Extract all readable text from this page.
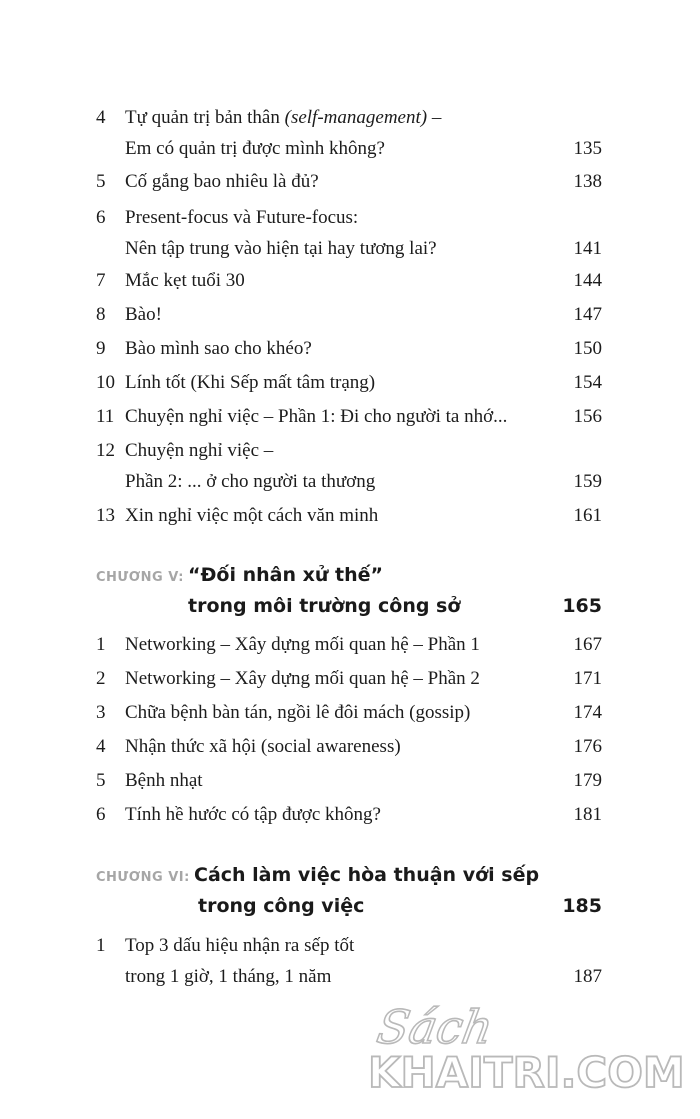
4 Tự quản trị bản thân (self-management) –
Em có quản trị được mình không?	135
5 Cố gắng bao nhiêu là đủ?	138
6 Present-focus và Future-focus:
Nên tập trung vào hiện tại hay tương lai?	141
7 Mắc kẹt tuổi 30	144
8 Bào!	147
9 Bào mình sao cho khéo?	150
10 Lính tốt (Khi Sếp mất tâm trạng)	154
11 Chuyện nghỉ việc – Phần 1: Đi cho người ta nhớ...	156
12 Chuyện nghỉ việc –
Phần 2: ... ở cho người ta thương	159
13 Xin nghỉ việc một cách văn minh	161
CHƯƠNG V: “Đối nhân xử thế”
trong môi trường công sở	165
1 Networking – Xây dựng mối quan hệ – Phần 1	167
2 Networking – Xây dựng mối quan hệ – Phần 2	171
3 Chữa bệnh bàn tán, ngồi lê đôi mách (gossip)	174
4 Nhận thức xã hội (social awareness)	176
5 Bệnh nhạt	179
6 Tính hề hước có tập được không?	181
CHƯƠNG VI: Cách làm việc hòa thuận với sếp
trong công việc	185
1 Top 3 dấu hiệu nhận ra sếp tốt
trong 1 giờ, 1 tháng, 1 năm	187
Sách
KHAITRI.COM
